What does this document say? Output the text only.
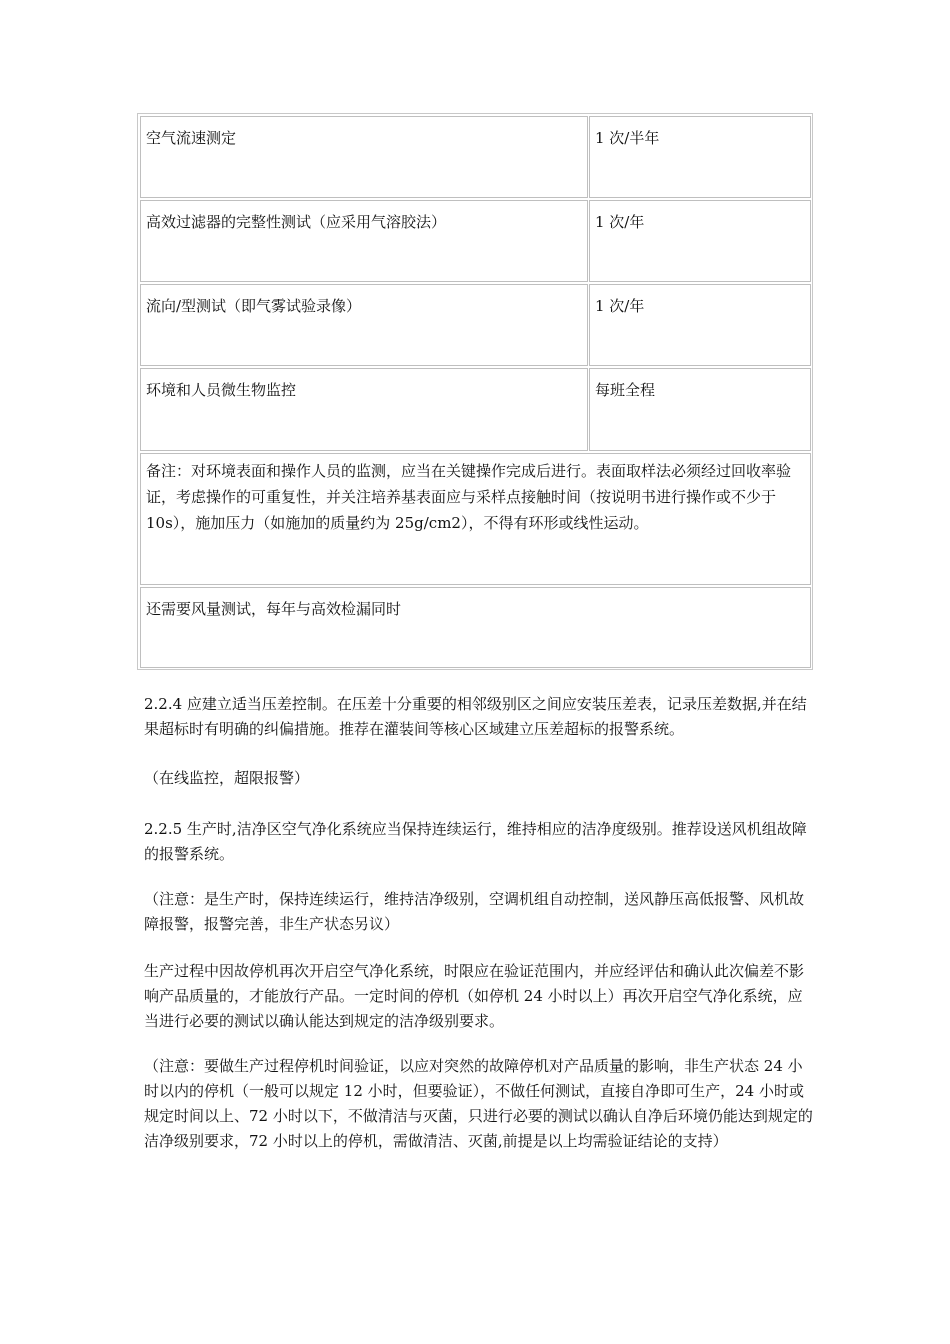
空气流速测定	1 次/半年
高效过滤器的完整性测试（应采用气溶胶法）	1 次/年
流向/型测试（即气雾试验录像）	1 次/年
环境和人员微生物监控	每班全程
备注：对环境表面和操作人员的监测，应当在关键操作完成后进行。表面取样法必须经过回收率验证，考虑操作的可重复性，并关注培养基表面应与采样点接触时间（按说明书进行操作或不少于 10s），施加压力（如施加的质量约为 25g/cm2），不得有环形或线性运动。
还需要风量测试，每年与高效检漏同时

2.2.4 应建立适当压差控制。在压差十分重要的相邻级别区之间应安装压差表，记录压差数据,并在结果超标时有明确的纠偏措施。推荐在灌装间等核心区域建立压差超标的报警系统。

（在线监控，超限报警）

2.2.5 生产时,洁净区空气净化系统应当保持连续运行，维持相应的洁净度级别。推荐设送风机组故障的报警系统。

（注意：是生产时，保持连续运行，维持洁净级别，空调机组自动控制，送风静压高低报警、风机故障报警，报警完善，非生产状态另议）

生产过程中因故停机再次开启空气净化系统，时限应在验证范围内，并应经评估和确认此次偏差不影响产品质量的，才能放行产品。一定时间的停机（如停机 24 小时以上）再次开启空气净化系统，应当进行必要的测试以确认能达到规定的洁净级别要求。

（注意：要做生产过程停机时间验证，以应对突然的故障停机对产品质量的影响，非生产状态 24 小时以内的停机（一般可以规定 12 小时，但要验证），不做任何测试，直接自净即可生产，24 小时或规定时间以上、72 小时以下，不做清洁与灭菌，只进行必要的测试以确认自净后环境仍能达到规定的洁净级别要求，72 小时以上的停机，需做清洁、灭菌,前提是以上均需验证结论的支持）
